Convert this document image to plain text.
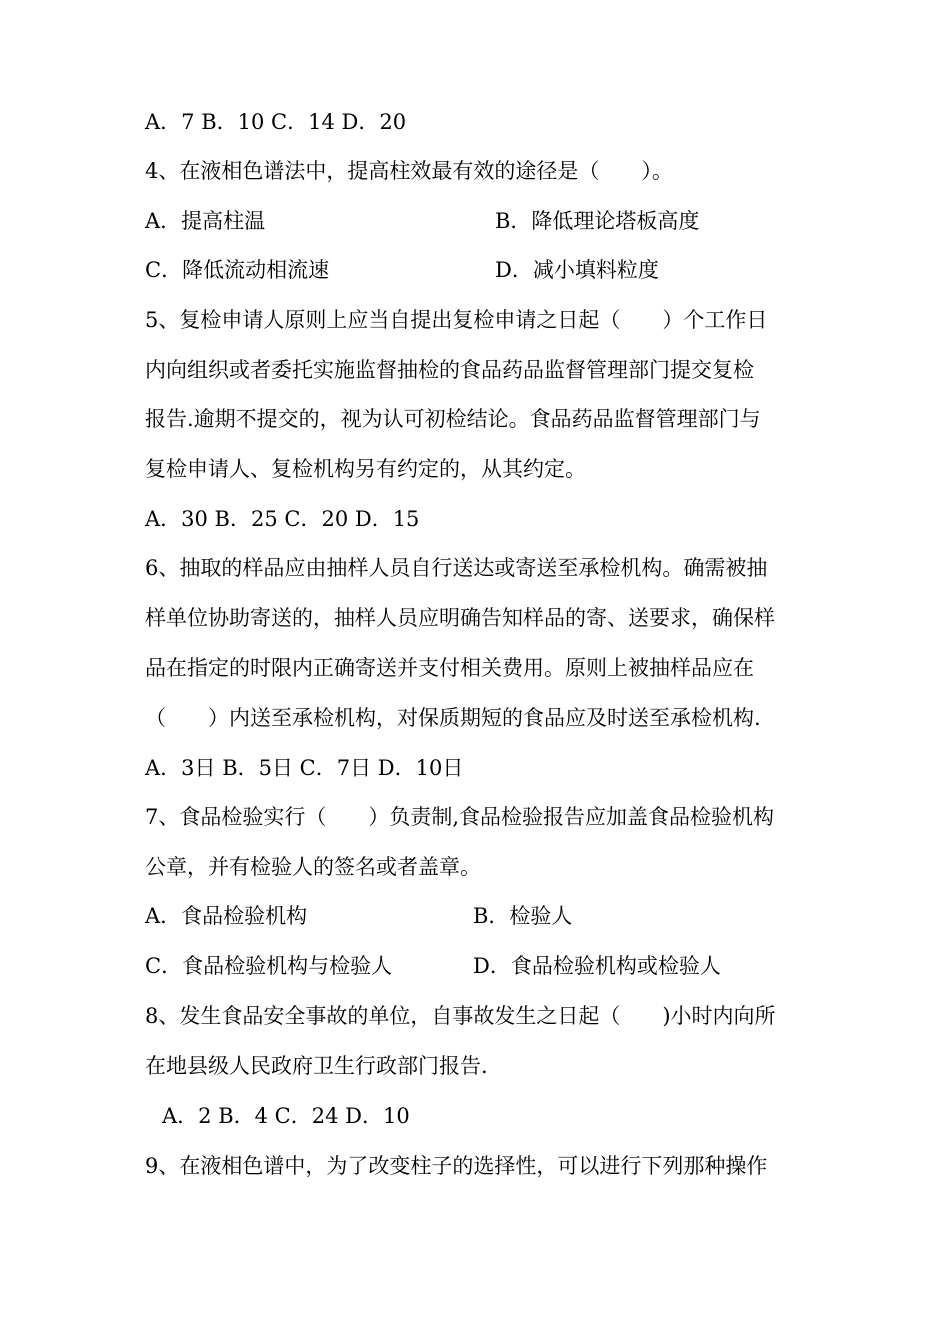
A．7 B．10 C．14 D．20
4、在液相色谱法中，提高柱效最有效的途径是（　　）。
A．提高柱温	B．降低理论塔板高度
C．降低流动相流速	D．减小填料粒度
5、复检申请人原则上应当自提出复检申请之日起（　　）个工作日
内向组织或者委托实施监督抽检的食品药品监督管理部门提交复检
报告.逾期不提交的，视为认可初检结论。食品药品监督管理部门与
复检申请人、复检机构另有约定的，从其约定。
A．30 B．25 C．20 D．15
6、抽取的样品应由抽样人员自行送达或寄送至承检机构。确需被抽
样单位协助寄送的，抽样人员应明确告知样品的寄、送要求，确保样
品在指定的时限内正确寄送并支付相关费用。原则上被抽样品应在
（　　）内送至承检机构，对保质期短的食品应及时送至承检机构.
A．3日 B．5日 C．7日 D．10日
7、食品检验实行（　　）负责制,食品检验报告应加盖食品检验机构
公章，并有检验人的签名或者盖章。
A．食品检验机构	B．检验人
C．食品检验机构与检验人	D．食品检验机构或检验人
8、发生食品安全事故的单位，自事故发生之日起（　　)小时内向所
在地县级人民政府卫生行政部门报告.
A．2 B．4 C．24 D．10
9、在液相色谱中，为了改变柱子的选择性，可以进行下列那种操作
